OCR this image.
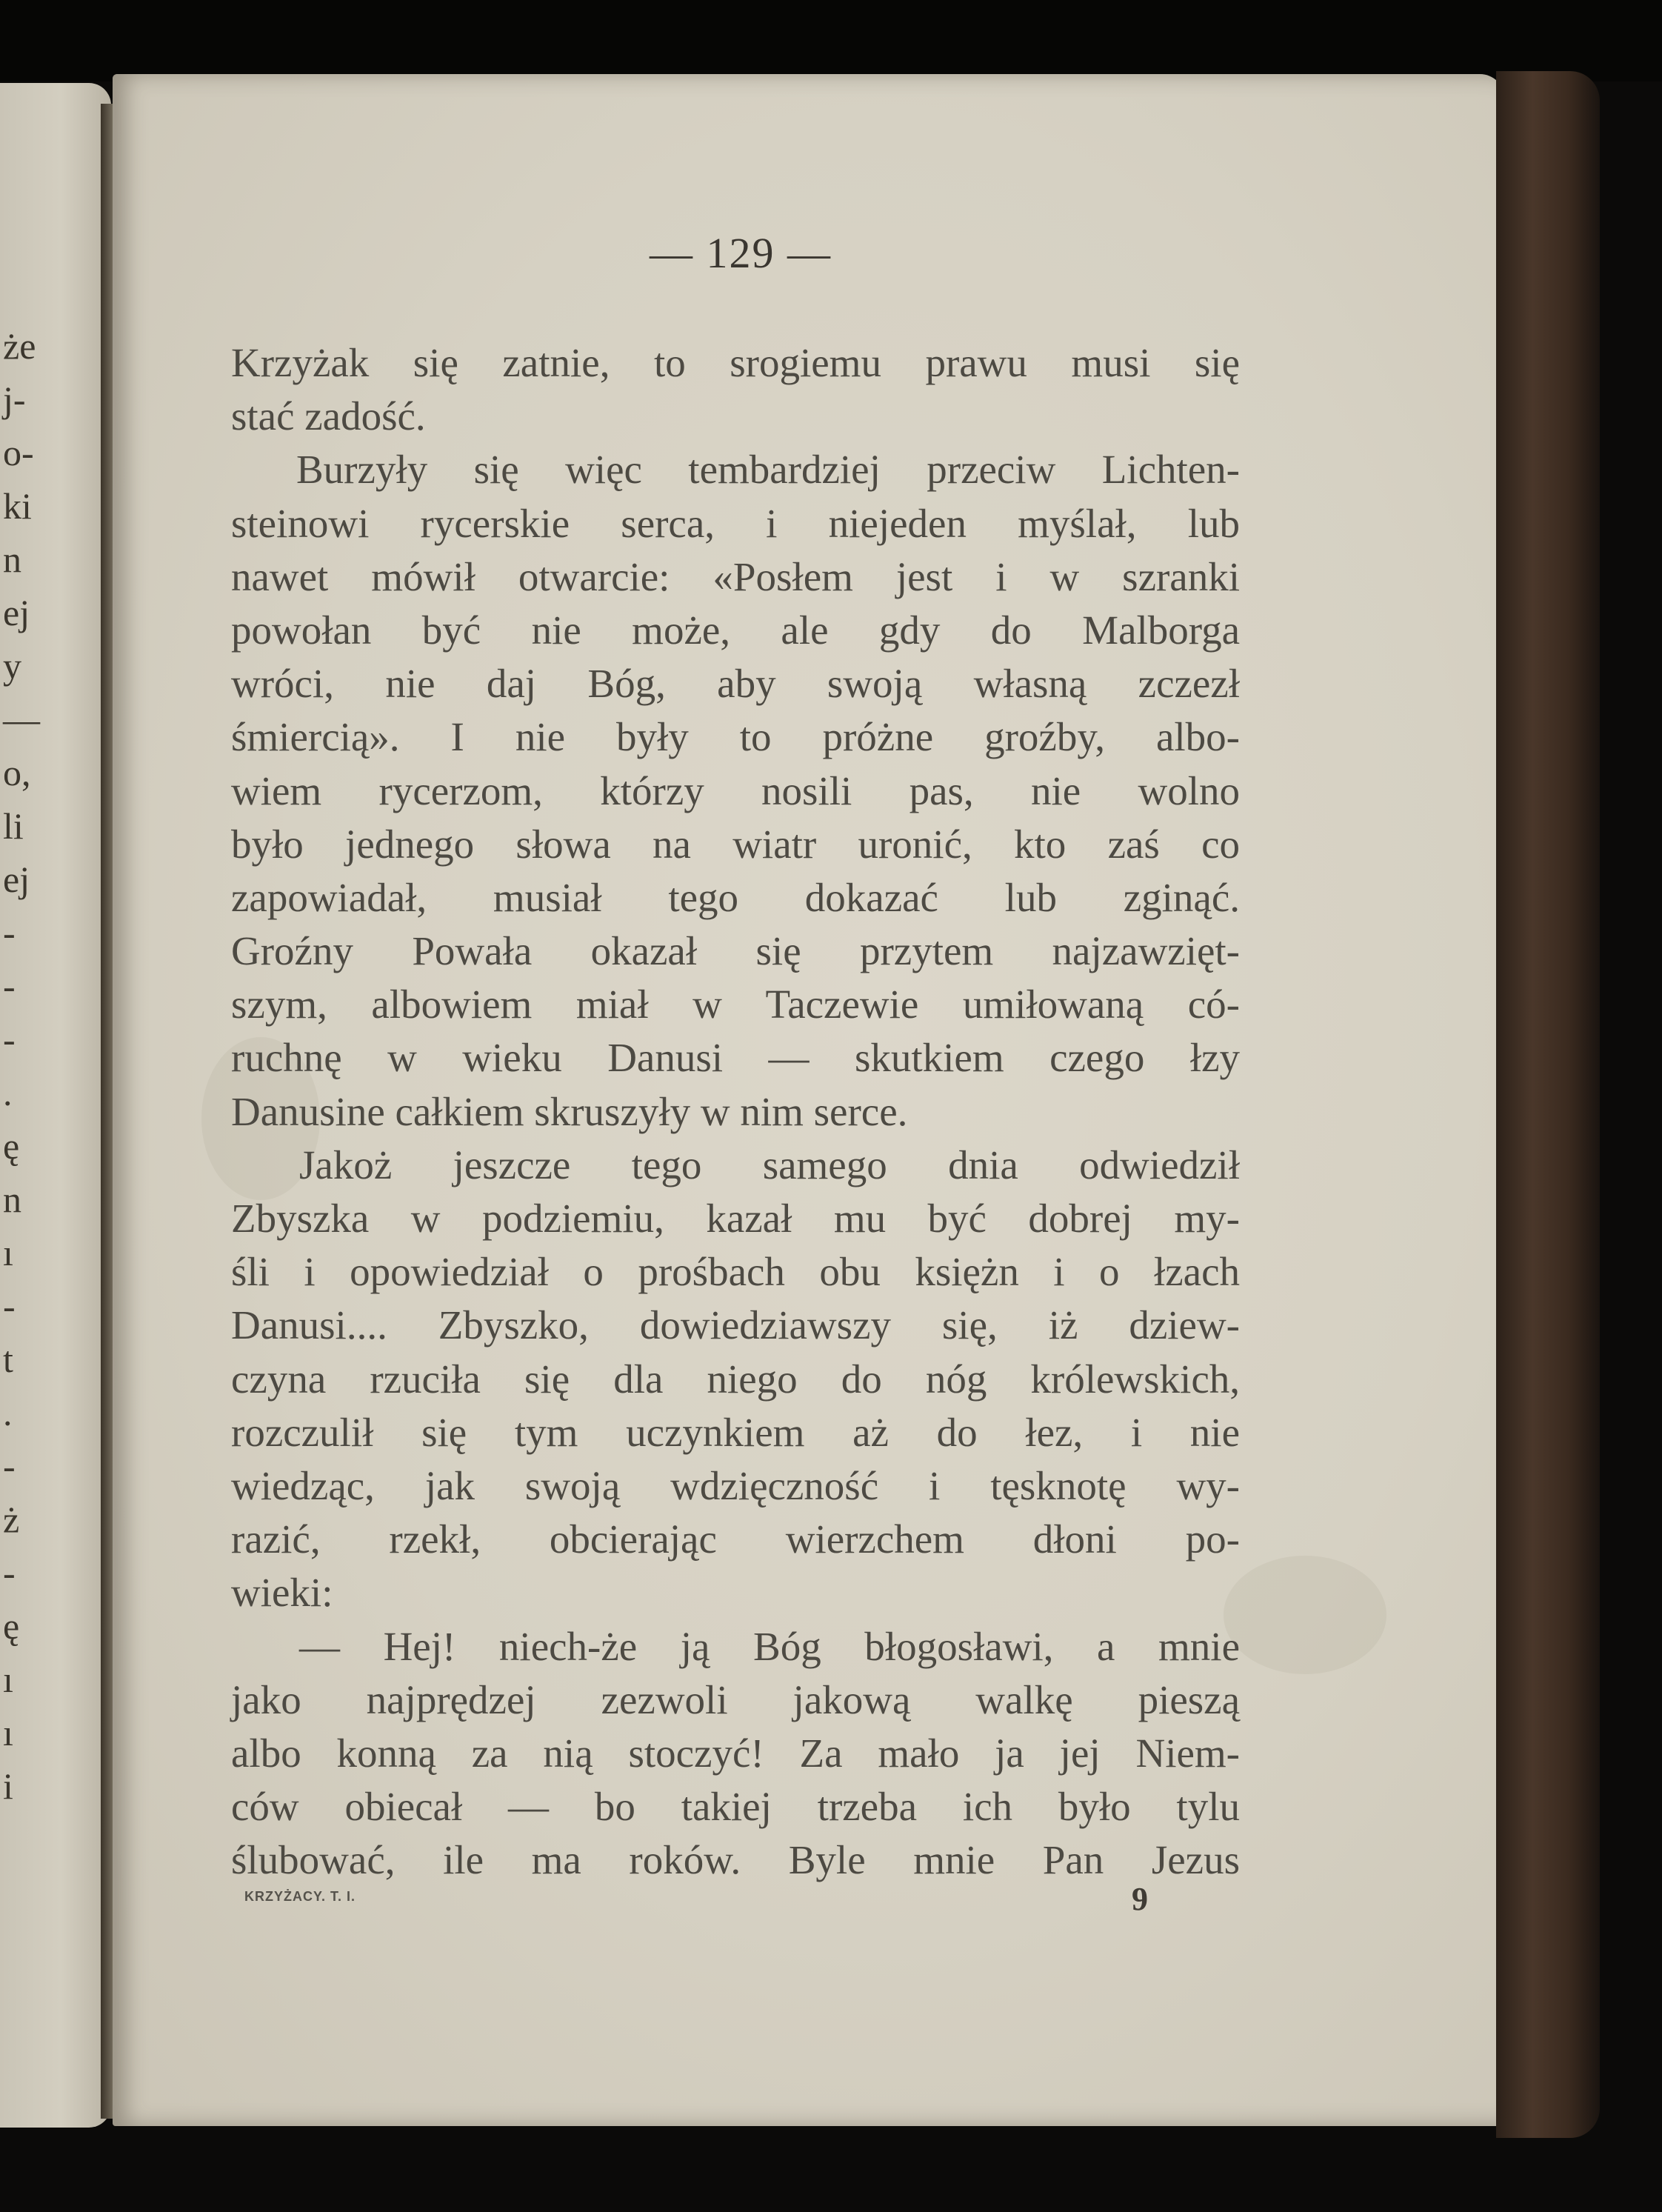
że
j-
o-
ki
n
ej
y
—
o,
li
ej
-
-
-
.
ę
n
ı
-
t
.
-
ż
-
ę
ı
ı
i
— 129 —
Krzyżak się zatnie, to srogiemu prawu musi się
stać zadość.
Burzyły się więc tembardziej przeciw Lichten-
steinowi rycerskie serca, i niejeden myślał, lub
nawet mówił otwarcie: «Posłem jest i w szranki
powołan być nie może, ale gdy do Malborga
wróci, nie daj Bóg, aby swoją własną zczezł
śmiercią». I nie były to próżne groźby, albo-
wiem rycerzom, którzy nosili pas, nie wolno
było jednego słowa na wiatr uronić, kto zaś co
zapowiadał, musiał tego dokazać lub zginąć.
Groźny Powała okazał się przytem najzawzięt-
szym, albowiem miał w Taczewie umiłowaną có-
ruchnę w wieku Danusi — skutkiem czego łzy
Danusine całkiem skruszyły w nim serce.
Jakoż jeszcze tego samego dnia odwiedził
Zbyszka w podziemiu, kazał mu być dobrej my-
śli i opowiedział o prośbach obu księżn i o łzach
Danusi.... Zbyszko, dowiedziawszy się, iż dziew-
czyna rzuciła się dla niego do nóg królewskich,
rozczulił się tym uczynkiem aż do łez, i nie
wiedząc, jak swoją wdzięczność i tęsknotę wy-
razić, rzekł, obcierając wierzchem dłoni po-
wieki:
— Hej! niech-że ją Bóg błogosławi, a mnie
jako najprędzej zezwoli jakową walkę pieszą
albo konną za nią stoczyć! Za mało ja jej Niem-
ców obiecał — bo takiej trzeba ich było tylu
ślubować, ile ma roków. Byle mnie Pan Jezus
KRZYŻACY. T. I.	9
